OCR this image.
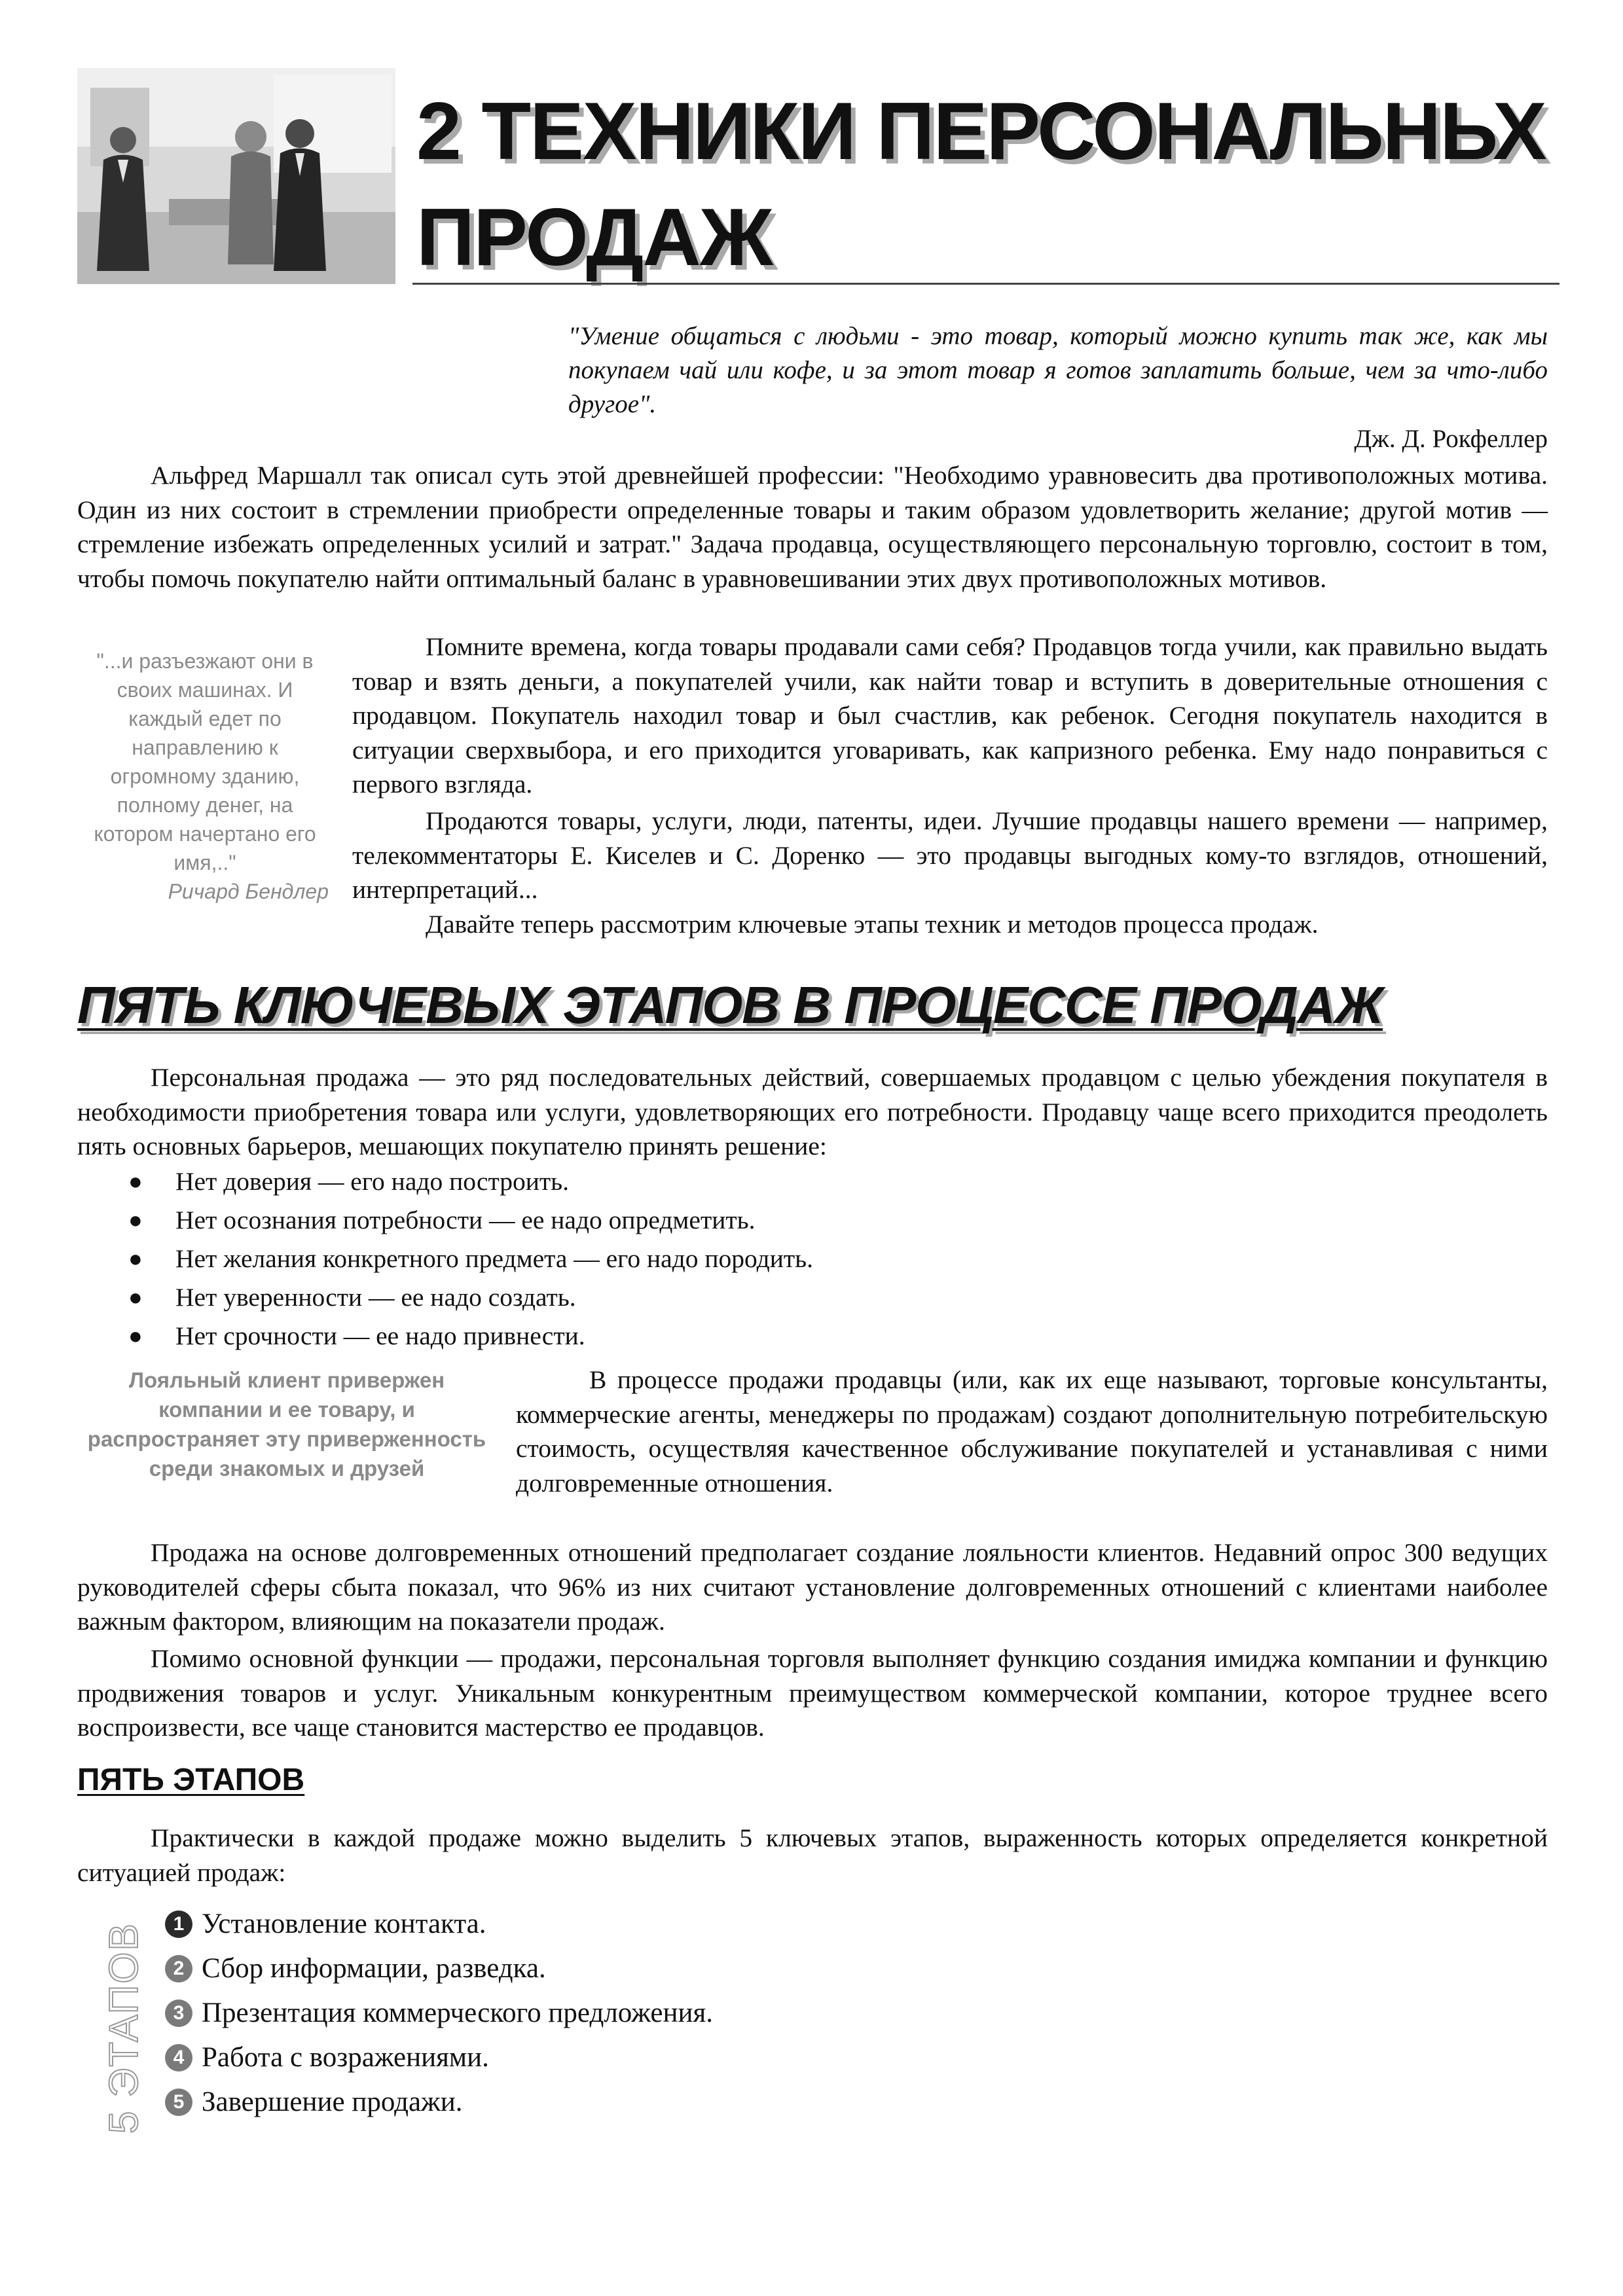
2 ТЕХНИКИ ПЕРСОНАЛЬНЬХ
ПРОДАЖ
"Умение общаться с людьми - это товар, который можно купить так же, как мы покупаем чай или кофе, и за этот товар я готов заплатить больше, чем за что-либо другое".
Дж. Д. Рокфеллер
Альфред Маршалл так описал суть этой древнейшей профессии: "Необходимо уравновесить два противоположных мотива. Один из них состоит в стремлении приобрести определенные товары и таким образом удовлетворить желание; другой мотив — стремление избежать определенных усилий и затрат." Задача продавца, осуществляющего персональную торговлю, состоит в том, чтобы помочь покупателю найти оптимальный баланс в уравновешивании этих двух противоположных мотивов.
"...и разъезжают они в своих машинах. И каждый едет по направлению к огромному зданию, полному денег, на котором начертано его имя,.."
Ричард Бендлер
Помните времена, когда товары продавали сами себя? Продавцов тогда учили, как правильно выдать товар и взять деньги, а покупателей учили, как найти товар и вступить в доверительные отношения с продавцом. Покупатель находил товар и был счастлив, как ребенок. Сегодня покупатель находится в ситуации сверхвыбора, и его приходится уговаривать, как капризного ребенка. Ему надо понравиться с первого взгляда.
Продаются товары, услуги, люди, патенты, идеи. Лучшие продавцы нашего времени — например, телекомментаторы Е. Киселев и С. Доренко — это продавцы выгодных кому-то взглядов, отношений, интерпретаций...
Давайте теперь рассмотрим ключевые этапы техник и методов процесса продаж.
ПЯТЬ КЛЮЧЕВЫХ ЭТАПОВ В ПРОЦЕССЕ ПРОДАЖ
Персональная продажа — это ряд последовательных действий, совершаемых продавцом с целью убеждения покупателя в необходимости приобретения товара или услуги, удовлетворяющих его потребности. Продавцу чаще всего приходится преодолеть пять основных барьеров, мешающих покупателю принять решение:
● Нет доверия — его надо построить.
● Нет осознания потребности — ее надо опредметить.
● Нет желания конкретного предмета — его надо породить.
● Нет уверенности — ее надо создать.
● Нет срочности — ее надо привнести.
Лояльный клиент привержен компании и ее товару, и распространяет эту приверженность среди знакомых и друзей
В процессе продажи продавцы (или, как их еще называют, торговые консультанты, коммерческие агенты, менеджеры по продажам) создают дополнительную потребительскую стоимость, осуществляя качественное обслуживание покупателей и устанавливая с ними долговременные отношения.
Продажа на основе долговременных отношений предполагает создание лояльности клиентов. Недавний опрос 300 ведущих руководителей сферы сбыта показал, что 96% из них считают установление долговременных отношений с клиентами наиболее важным фактором, влияющим на показатели продаж.
Помимо основной функции — продажи, персональная торговля выполняет функцию создания имиджа компании и функцию продвижения товаров и услуг. Уникальным конкурентным преимуществом коммерческой компании, которое труднее всего воспроизвести, все чаще становится мастерство ее продавцов.
ПЯТЬ ЭТАПОВ
Практически в каждой продаже можно выделить 5 ключевых этапов, выраженность которых определяется конкретной ситуацией продаж:
5 ЭТАПОВ	1 Установление контакта.
2 Сбор информации, разведка.
3 Презентация коммерческого предложения.
4 Работа с возражениями.
5 Завершение продажи.
